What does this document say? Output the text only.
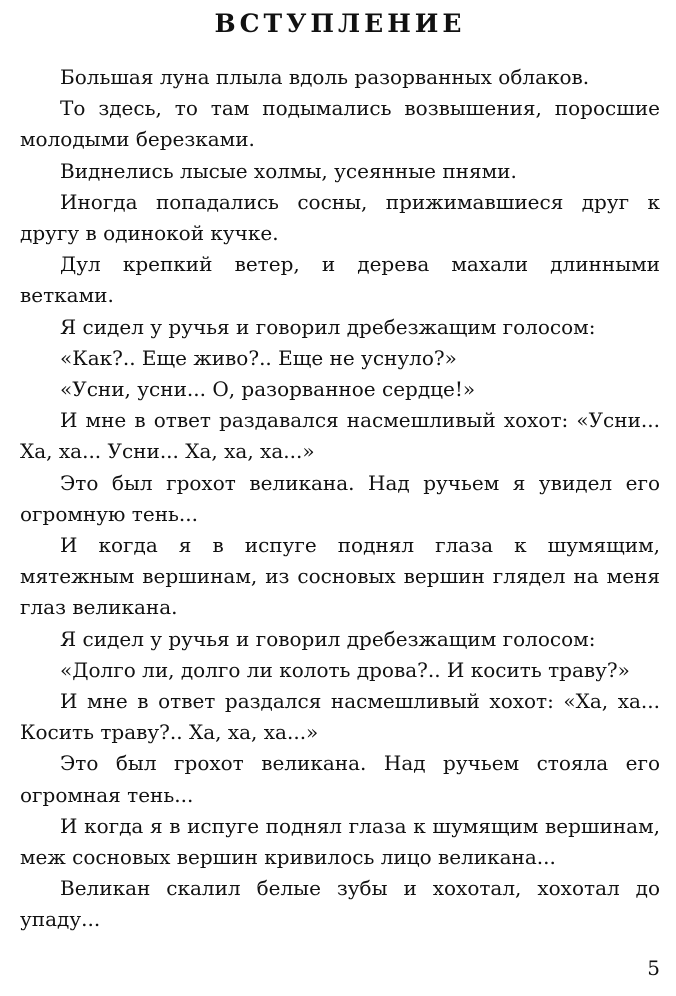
ВСТУПЛЕНИЕ

Большая луна плыла вдоль разорванных облаков.

То здесь, то там подымались возвышения, поросшие молодыми березками.

Виднелись лысые холмы, усеянные пнями.

Иногда попадались сосны, прижимавшиеся друг к другу в одинокой кучке.

Дул крепкий ветер, и дерева махали длинными ветками.

Я сидел у ручья и говорил дребезжащим голосом:

«Как?.. Еще живо?.. Еще не уснуло?»

«Усни, усни... О, разорванное сердце!»

И мне в ответ раздавался насмешливый хохот: «Усни... Ха, ха... Усни... Ха, ха, ха...»

Это был грохот великана. Над ручьем я увидел его огромную тень...

И когда я в испуге поднял глаза к шумящим, мятежным вершинам, из сосновых вершин глядел на меня глаз великана.

Я сидел у ручья и говорил дребезжащим голосом:

«Долго ли, долго ли колоть дрова?.. И косить траву?»

И мне в ответ раздался насмешливый хохот: «Ха, ха... Косить траву?.. Ха, ха, ха...»

Это был грохот великана. Над ручьем стояла его огромная тень...

И когда я в испуге поднял глаза к шумящим вершинам, меж сосновых вершин кривилось лицо великана...

Великан скалил белые зубы и хохотал, хохотал до упаду...

5
